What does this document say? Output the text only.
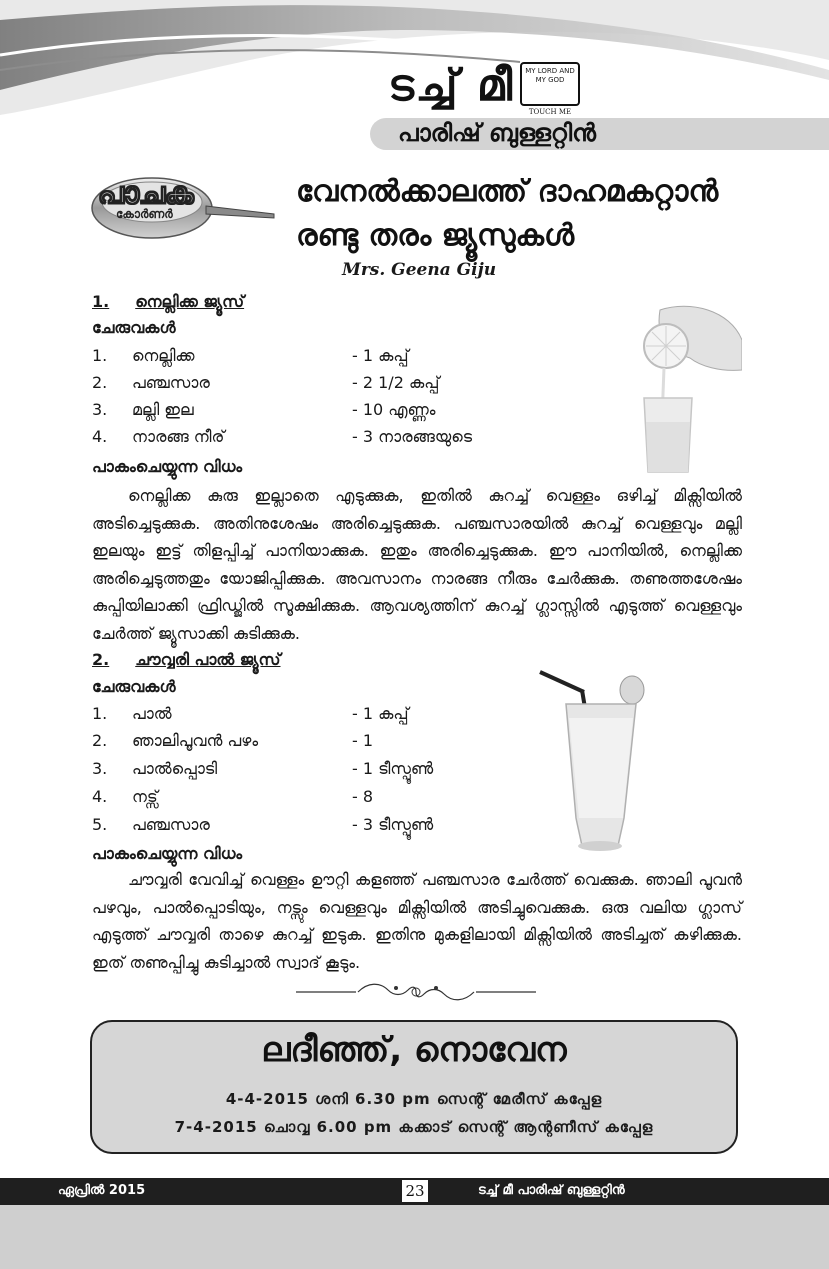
ടച്ച് മീ	MY LORD AND MY GOD
TOUCH ME
പാരിഷ് ബുള്ളറ്റിൻ
പാചക
കോർണർ
വേനൽക്കാലത്ത് ദാഹമകറ്റാൻ
രണ്ടു തരം ജ്യൂസുകൾ
Mrs. Geena Giju
1. നെല്ലിക്ക ജ്യൂസ്
ചേരുവകൾ
1. നെല്ലിക്ക	- 1 കപ്പ്
2. പഞ്ചസാര	- 2 1/2 കപ്പ്
3. മല്ലി ഇല	- 10 എണ്ണം
4. നാരങ്ങ നീര്	- 3 നാരങ്ങയുടെ
പാകംചെയ്യുന്ന വിധം
നെല്ലിക്ക കുരു ഇല്ലാതെ എടുക്കുക, ഇതിൽ കുറച്ച് വെള്ളം ഒഴിച്ച് മിക്സിയിൽ അടിച്ചെടുക്കുക. അതിനുശേഷം അരിച്ചെടുക്കുക. പഞ്ചസാരയിൽ കുറച്ച് വെള്ളവും മല്ലി ഇലയും ഇട്ട് തിളപ്പിച്ച് പാനിയാക്കുക. ഇതും അരിച്ചെടുക്കുക. ഈ പാനിയിൽ, നെല്ലിക്ക അരിച്ചെടുത്തതും യോജിപ്പിക്കുക. അവസാനം നാരങ്ങ നീരും ചേർക്കുക. തണുത്തശേഷം കുപ്പിയിലാക്കി ഫ്രിഡ്ജിൽ സൂക്ഷിക്കുക. ആവശ്യത്തിന് കുറച്ച് ഗ്ലാസ്സിൽ എടുത്ത് വെള്ളവും ചേർത്ത് ജ്യൂസാക്കി കുടിക്കുക.
2. ചൗവ്വരി പാൽ ജ്യൂസ്
ചേരുവകൾ
1. പാൽ	- 1 കപ്പ്
2. ഞാലിപൂവൻ പഴം	- 1
3. പാൽപ്പൊടി	- 1 ടീസ്പൂൺ
4. നട്സ്	- 8
5. പഞ്ചസാര	- 3 ടീസ്പൂൺ
പാകംചെയ്യുന്ന വിധം
ചൗവ്വരി വേവിച്ച് വെള്ളം ഊറ്റി കളഞ്ഞ് പഞ്ചസാര ചേർത്ത് വെക്കുക. ഞാലി പൂവൻ പഴവും, പാൽപ്പൊടിയും, നട്സും വെള്ളവും മിക്സിയിൽ അടിച്ചുവെക്കുക. ഒരു വലിയ ഗ്ലാസ് എടുത്ത് ചൗവ്വരി താഴെ കുറച്ച് ഇടുക. ഇതിനു മുകളിലായി മിക്സിയിൽ അടിച്ചത് കഴിക്കുക. ഇത് തണുപ്പിച്ചു കുടിച്ചാൽ സ്വാദ് കൂടും.
ലദീഞ്ഞ്, നൊവേന
4-4-2015 ശനി 6.30 pm സെന്റ് മേരീസ് കപ്പേള
7-4-2015 ചൊവ്വ 6.00 pm കക്കാട് സെന്റ് ആന്റണീസ് കപ്പേള
ഏപ്രിൽ 2015	23	ടച്ച് മീ പാരിഷ് ബുള്ളറ്റിൻ
